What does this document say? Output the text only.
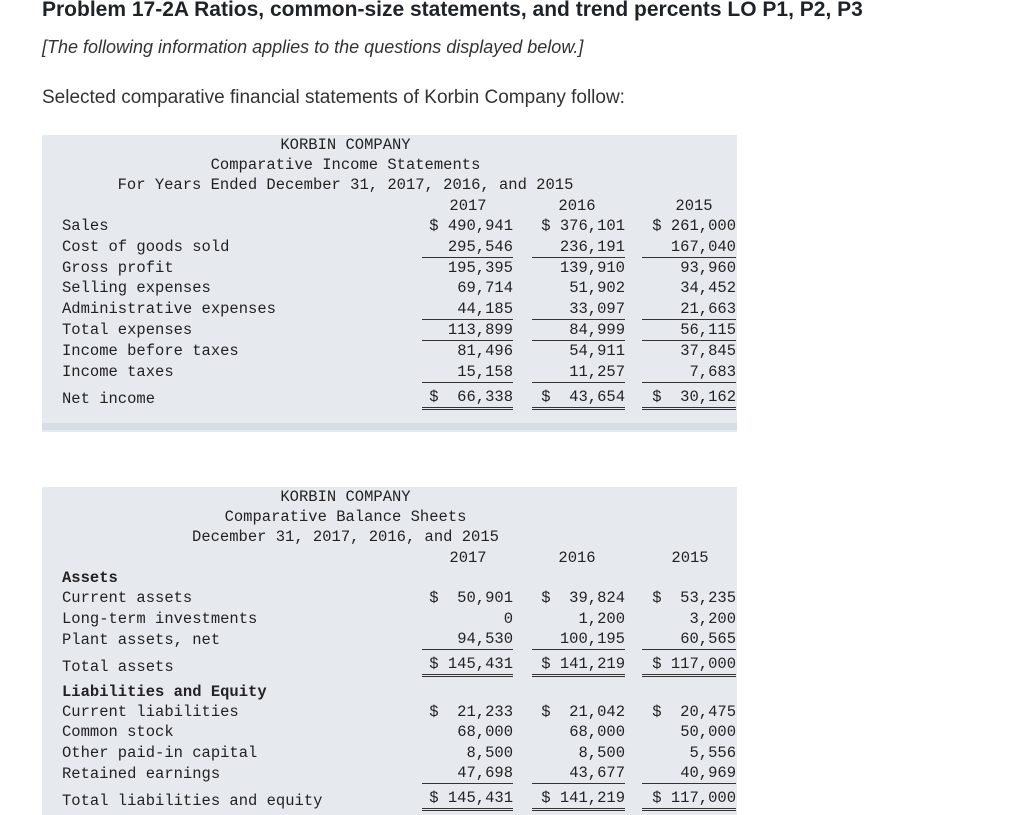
Problem 17-2A Ratios, common-size statements, and trend percents LO P1, P2, P3
[The following information applies to the questions displayed below.]
Selected comparative financial statements of Korbin Company follow:
KORBIN COMPANY
Comparative Income Statements
For Years Ended December 31, 2017, 2016, and 2015
2017	2016	2015
Sales	$ 490,941	$ 376,101	$ 261,000
Cost of goods sold	295,546	236,191	167,040
Gross profit	195,395	139,910	93,960
Selling expenses	69,714	51,902	34,452
Administrative expenses	44,185	33,097	21,663
Total expenses	113,899	84,999	56,115
Income before taxes	81,496	54,911	37,845
Income taxes	15,158	11,257	7,683
Net income	$  66,338	$  43,654	$  30,162
KORBIN COMPANY
Comparative Balance Sheets
December 31, 2017, 2016, and 2015
2017	2016	2015
Assets
Current assets	$  50,901	$  39,824	$  53,235
Long-term investments	0	1,200	3,200
Plant assets, net	94,530	100,195	60,565
Total assets	$ 145,431	$ 141,219	$ 117,000
Liabilities and Equity
Current liabilities	$  21,233	$  21,042	$  20,475
Common stock	68,000	68,000	50,000
Other paid-in capital	8,500	8,500	5,556
Retained earnings	47,698	43,677	40,969
Total liabilities and equity	$ 145,431	$ 141,219	$ 117,000
